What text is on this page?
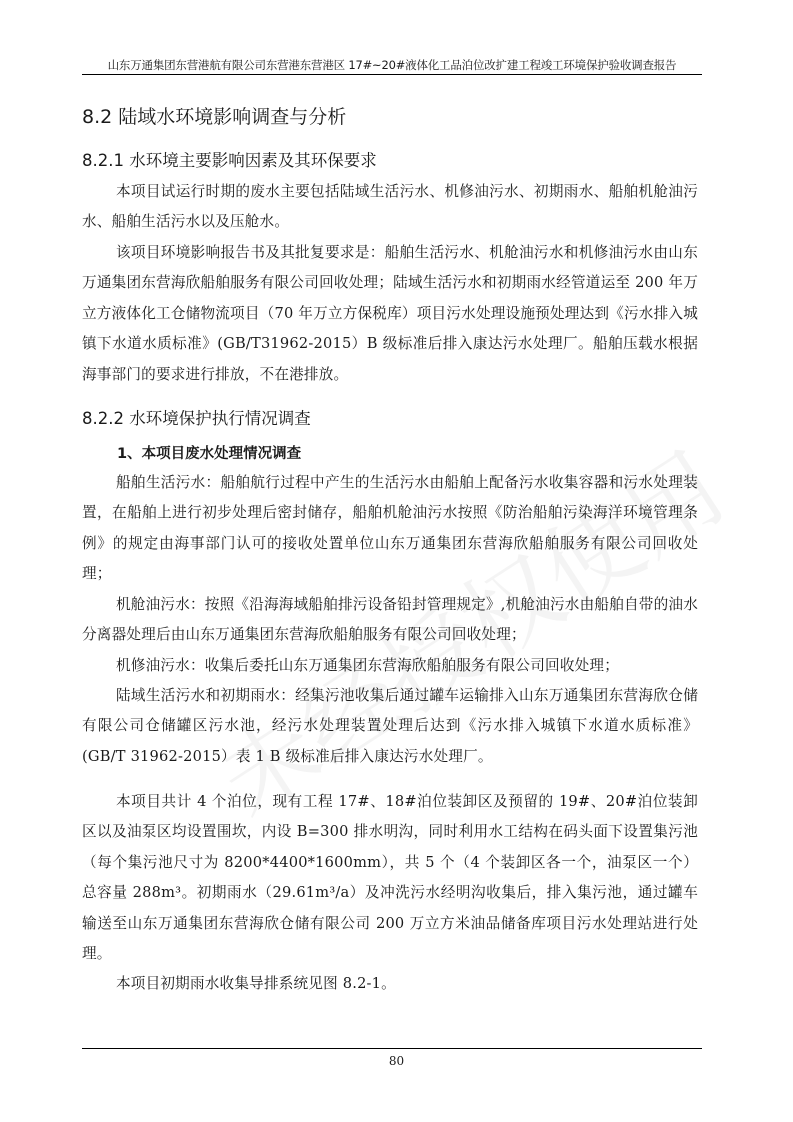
山东万通集团东营港航有限公司东营港东营港区 17#~20#液体化工品泊位改扩建工程竣工环境保护验收调查报告
8.2 陆域水环境影响调查与分析
8.2.1 水环境主要影响因素及其环保要求

本项目试运行时期的废水主要包括陆域生活污水、机修油污水、初期雨水、船舶机舱油污水、船舶生活污水以及压舱水。

该项目环境影响报告书及其批复要求是：船舶生活污水、机舱油污水和机修油污水由山东万通集团东营海欣船舶服务有限公司回收处理；陆域生活污水和初期雨水经管道运至 200 年万立方液体化工仓储物流项目（70 年万立方保税库）项目污水处理设施预处理达到《污水排入城镇下水道水质标准》(GB/T31962-2015）B 级标准后排入康达污水处理厂。船舶压载水根据海事部门的要求进行排放，不在港排放。

8.2.2 水环境保护执行情况调查
1、本项目废水处理情况调查

船舶生活污水：船舶航行过程中产生的生活污水由船舶上配备污水收集容器和污水处理装置，在船舶上进行初步处理后密封储存，船舶机舱油污水按照《防治船舶污染海洋环境管理条例》的规定由海事部门认可的接收处置单位山东万通集团东营海欣船舶服务有限公司回收处理；

机舱油污水：按照《沿海海域船舶排污设备铅封管理规定》,机舱油污水由船舶自带的油水分离器处理后由山东万通集团东营海欣船舶服务有限公司回收处理；

机修油污水：收集后委托山东万通集团东营海欣船舶服务有限公司回收处理；

陆域生活污水和初期雨水：经集污池收集后通过罐车运输排入山东万通集团东营海欣仓储有限公司仓储罐区污水池，经污水处理装置处理后达到《污水排入城镇下水道水质标准》(GB/T 31962-2015）表 1 B 级标准后排入康达污水处理厂。

本项目共计 4 个泊位，现有工程 17#、18#泊位装卸区及预留的 19#、20#泊位装卸区以及油泵区均设置围坎，内设 B=300 排水明沟，同时利用水工结构在码头面下设置集污池（每个集污池尺寸为 8200*4400*1600mm），共 5 个（4 个装卸区各一个，油泵区一个）总容量 288m³。初期雨水（29.61m³/a）及冲洗污水经明沟收集后，排入集污池，通过罐车输送至山东万通集团东营海欣仓储有限公司 200 万立方米油品储备库项目污水处理站进行处理。

本项目初期雨水收集导排系统见图 8.2-1。

80
